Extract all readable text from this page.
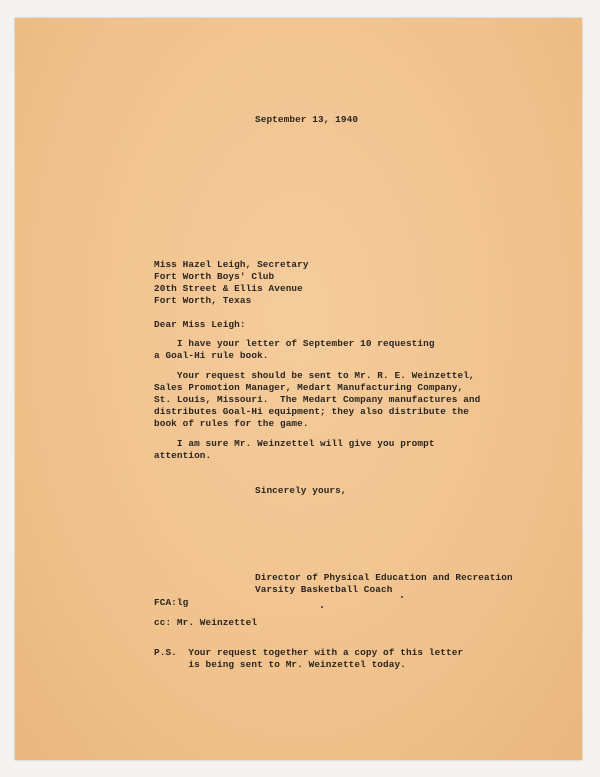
September 13, 1940
Miss Hazel Leigh, Secretary
Fort Worth Boys' Club
20th Street & Ellis Avenue
Fort Worth, Texas
Dear Miss Leigh:
I have your letter of September 10 requesting
a Goal-Hi rule book.
Your request should be sent to Mr. R. E. Weinzettel,
Sales Promotion Manager, Medart Manufacturing Company,
St. Louis, Missouri.  The Medart Company manufactures and
distributes Goal-Hi equipment; they also distribute the
book of rules for the game.
I am sure Mr. Weinzettel will give you prompt
attention.
Sincerely yours,
Director of Physical Education and Recreation
Varsity Basketball Coach
FCA:lg
cc: Mr. Weinzettel
P.S.  Your request together with a copy of this letter
is being sent to Mr. Weinzettel today.
